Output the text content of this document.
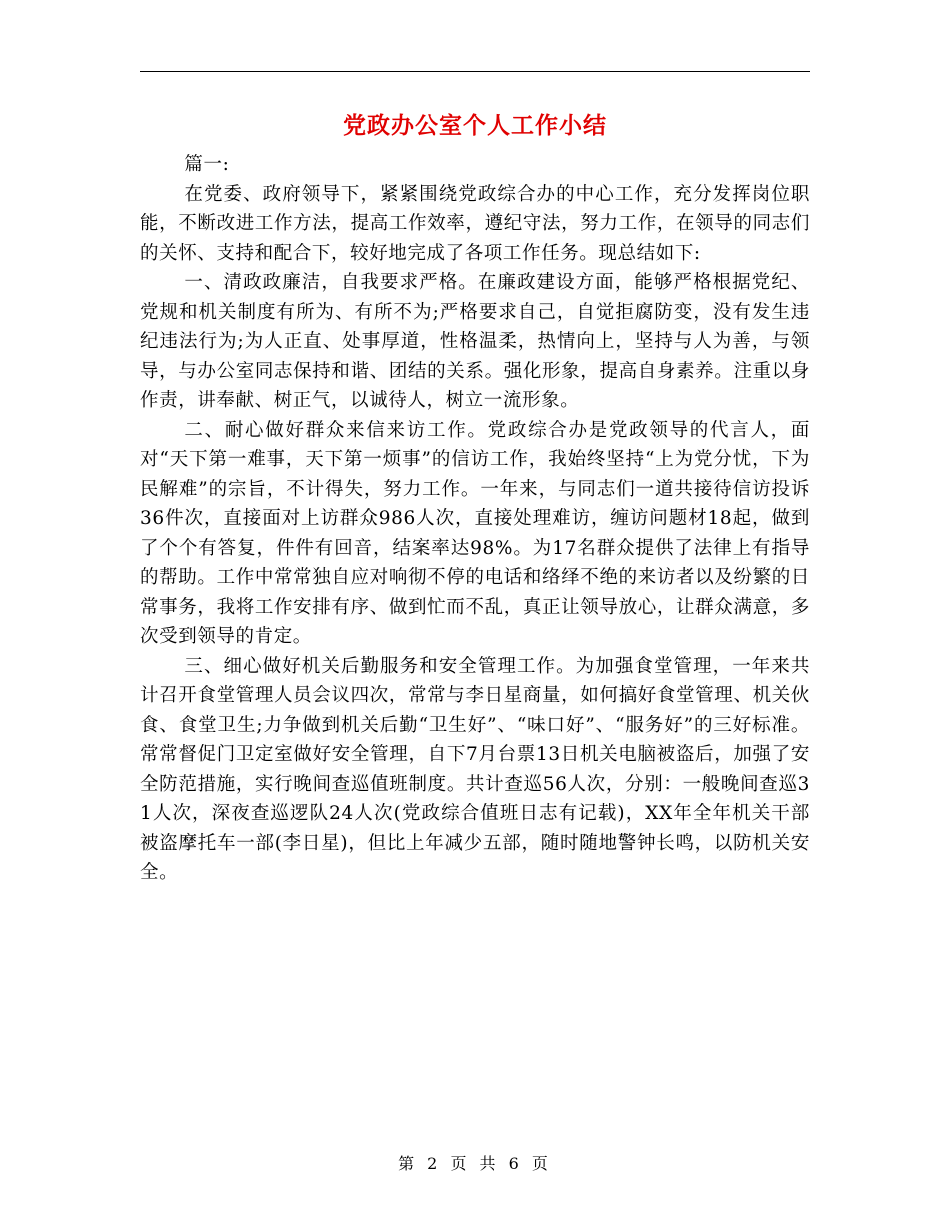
党政办公室个人工作小结

篇一:

在党委、政府领导下，紧紧围绕党政综合办的中心工作，充分发挥岗位职能，不断改进工作方法，提高工作效率，遵纪守法，努力工作，在领导的同志们的关怀、支持和配合下，较好地完成了各项工作任务。现总结如下:

一、清政政廉洁，自我要求严格。在廉政建设方面，能够严格根据党纪、党规和机关制度有所为、有所不为;严格要求自己，自觉拒腐防变，没有发生违纪违法行为;为人正直、处事厚道，性格温柔，热情向上，坚持与人为善，与领导，与办公室同志保持和谐、团结的关系。强化形象，提高自身素养。注重以身作责，讲奉献、树正气，以诚待人，树立一流形象。

二、耐心做好群众来信来访工作。党政综合办是党政领导的代言人，面对“天下第一难事，天下第一烦事”的信访工作，我始终坚持“上为党分忧，下为民解难”的宗旨，不计得失，努力工作。一年来，与同志们一道共接待信访投诉36件次，直接面对上访群众986人次，直接处理难访，缠访问题材18起，做到了个个有答复，件件有回音，结案率达98%。为17名群众提供了法律上有指导的帮助。工作中常常独自应对响彻不停的电话和络绎不绝的来访者以及纷繁的日常事务，我将工作安排有序、做到忙而不乱，真正让领导放心，让群众满意，多次受到领导的肯定。

三、细心做好机关后勤服务和安全管理工作。为加强食堂管理，一年来共计召开食堂管理人员会议四次，常常与李日星商量，如何搞好食堂管理、机关伙食、食堂卫生;力争做到机关后勤“卫生好”、“味口好”、“服务好”的三好标准。常常督促门卫定室做好安全管理，自下7月台票13日机关电脑被盗后，加强了安全防范措施，实行晚间查巡值班制度。共计查巡56人次，分别：一般晚间查巡31人次，深夜查巡逻队24人次(党政综合值班日志有记载)，XX年全年机关干部被盗摩托车一部(李日星)，但比上年减少五部，随时随地警钟长鸣，以防机关安全。

第 2 页 共 6 页
